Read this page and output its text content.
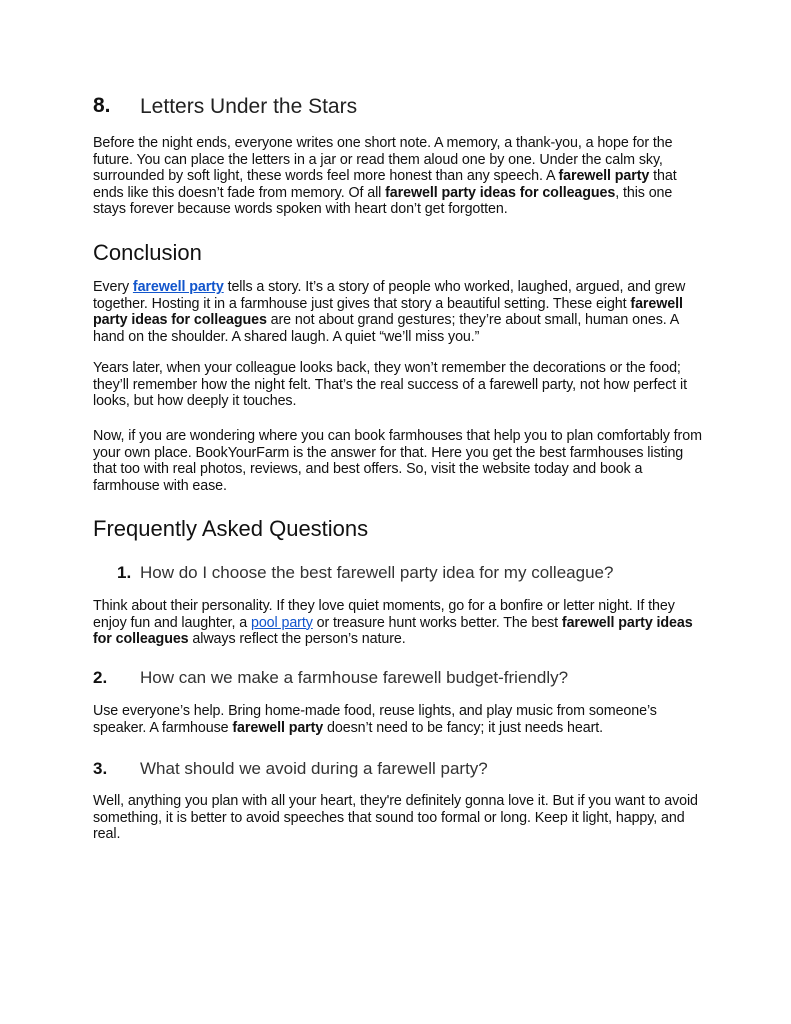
8. Letters Under the Stars

Before the night ends, everyone writes one short note. A memory, a thank-you, a hope for the future. You can place the letters in a jar or read them aloud one by one. Under the calm sky, surrounded by soft light, these words feel more honest than any speech. A farewell party that ends like this doesn’t fade from memory. Of all farewell party ideas for colleagues, this one stays forever because words spoken with heart don’t get forgotten.

Conclusion

Every farewell party tells a story. It’s a story of people who worked, laughed, argued, and grew together. Hosting it in a farmhouse just gives that story a beautiful setting. These eight farewell party ideas for colleagues are not about grand gestures; they’re about small, human ones. A hand on the shoulder. A shared laugh. A quiet “we’ll miss you.”

Years later, when your colleague looks back, they won’t remember the decorations or the food; they’ll remember how the night felt. That’s the real success of a farewell party, not how perfect it looks, but how deeply it touches.

Now, if you are wondering where you can book farmhouses that help you to plan comfortably from your own place. BookYourFarm is the answer for that. Here you get the best farmhouses listing that too with real photos, reviews, and best offers. So, visit the website today and book a farmhouse with ease.

Frequently Asked Questions
1. How do I choose the best farewell party idea for my colleague?

Think about their personality. If they love quiet moments, go for a bonfire or letter night. If they enjoy fun and laughter, a pool party or treasure hunt works better. The best farewell party ideas for colleagues always reflect the person’s nature.

2. How can we make a farmhouse farewell budget-friendly?

Use everyone’s help. Bring home-made food, reuse lights, and play music from someone’s speaker. A farmhouse farewell party doesn’t need to be fancy; it just needs heart.

3. What should we avoid during a farewell party?

Well, anything you plan with all your heart, they're definitely gonna love it. But if you want to avoid something, it is better to avoid speeches that sound too formal or long. Keep it light, happy, and real.
